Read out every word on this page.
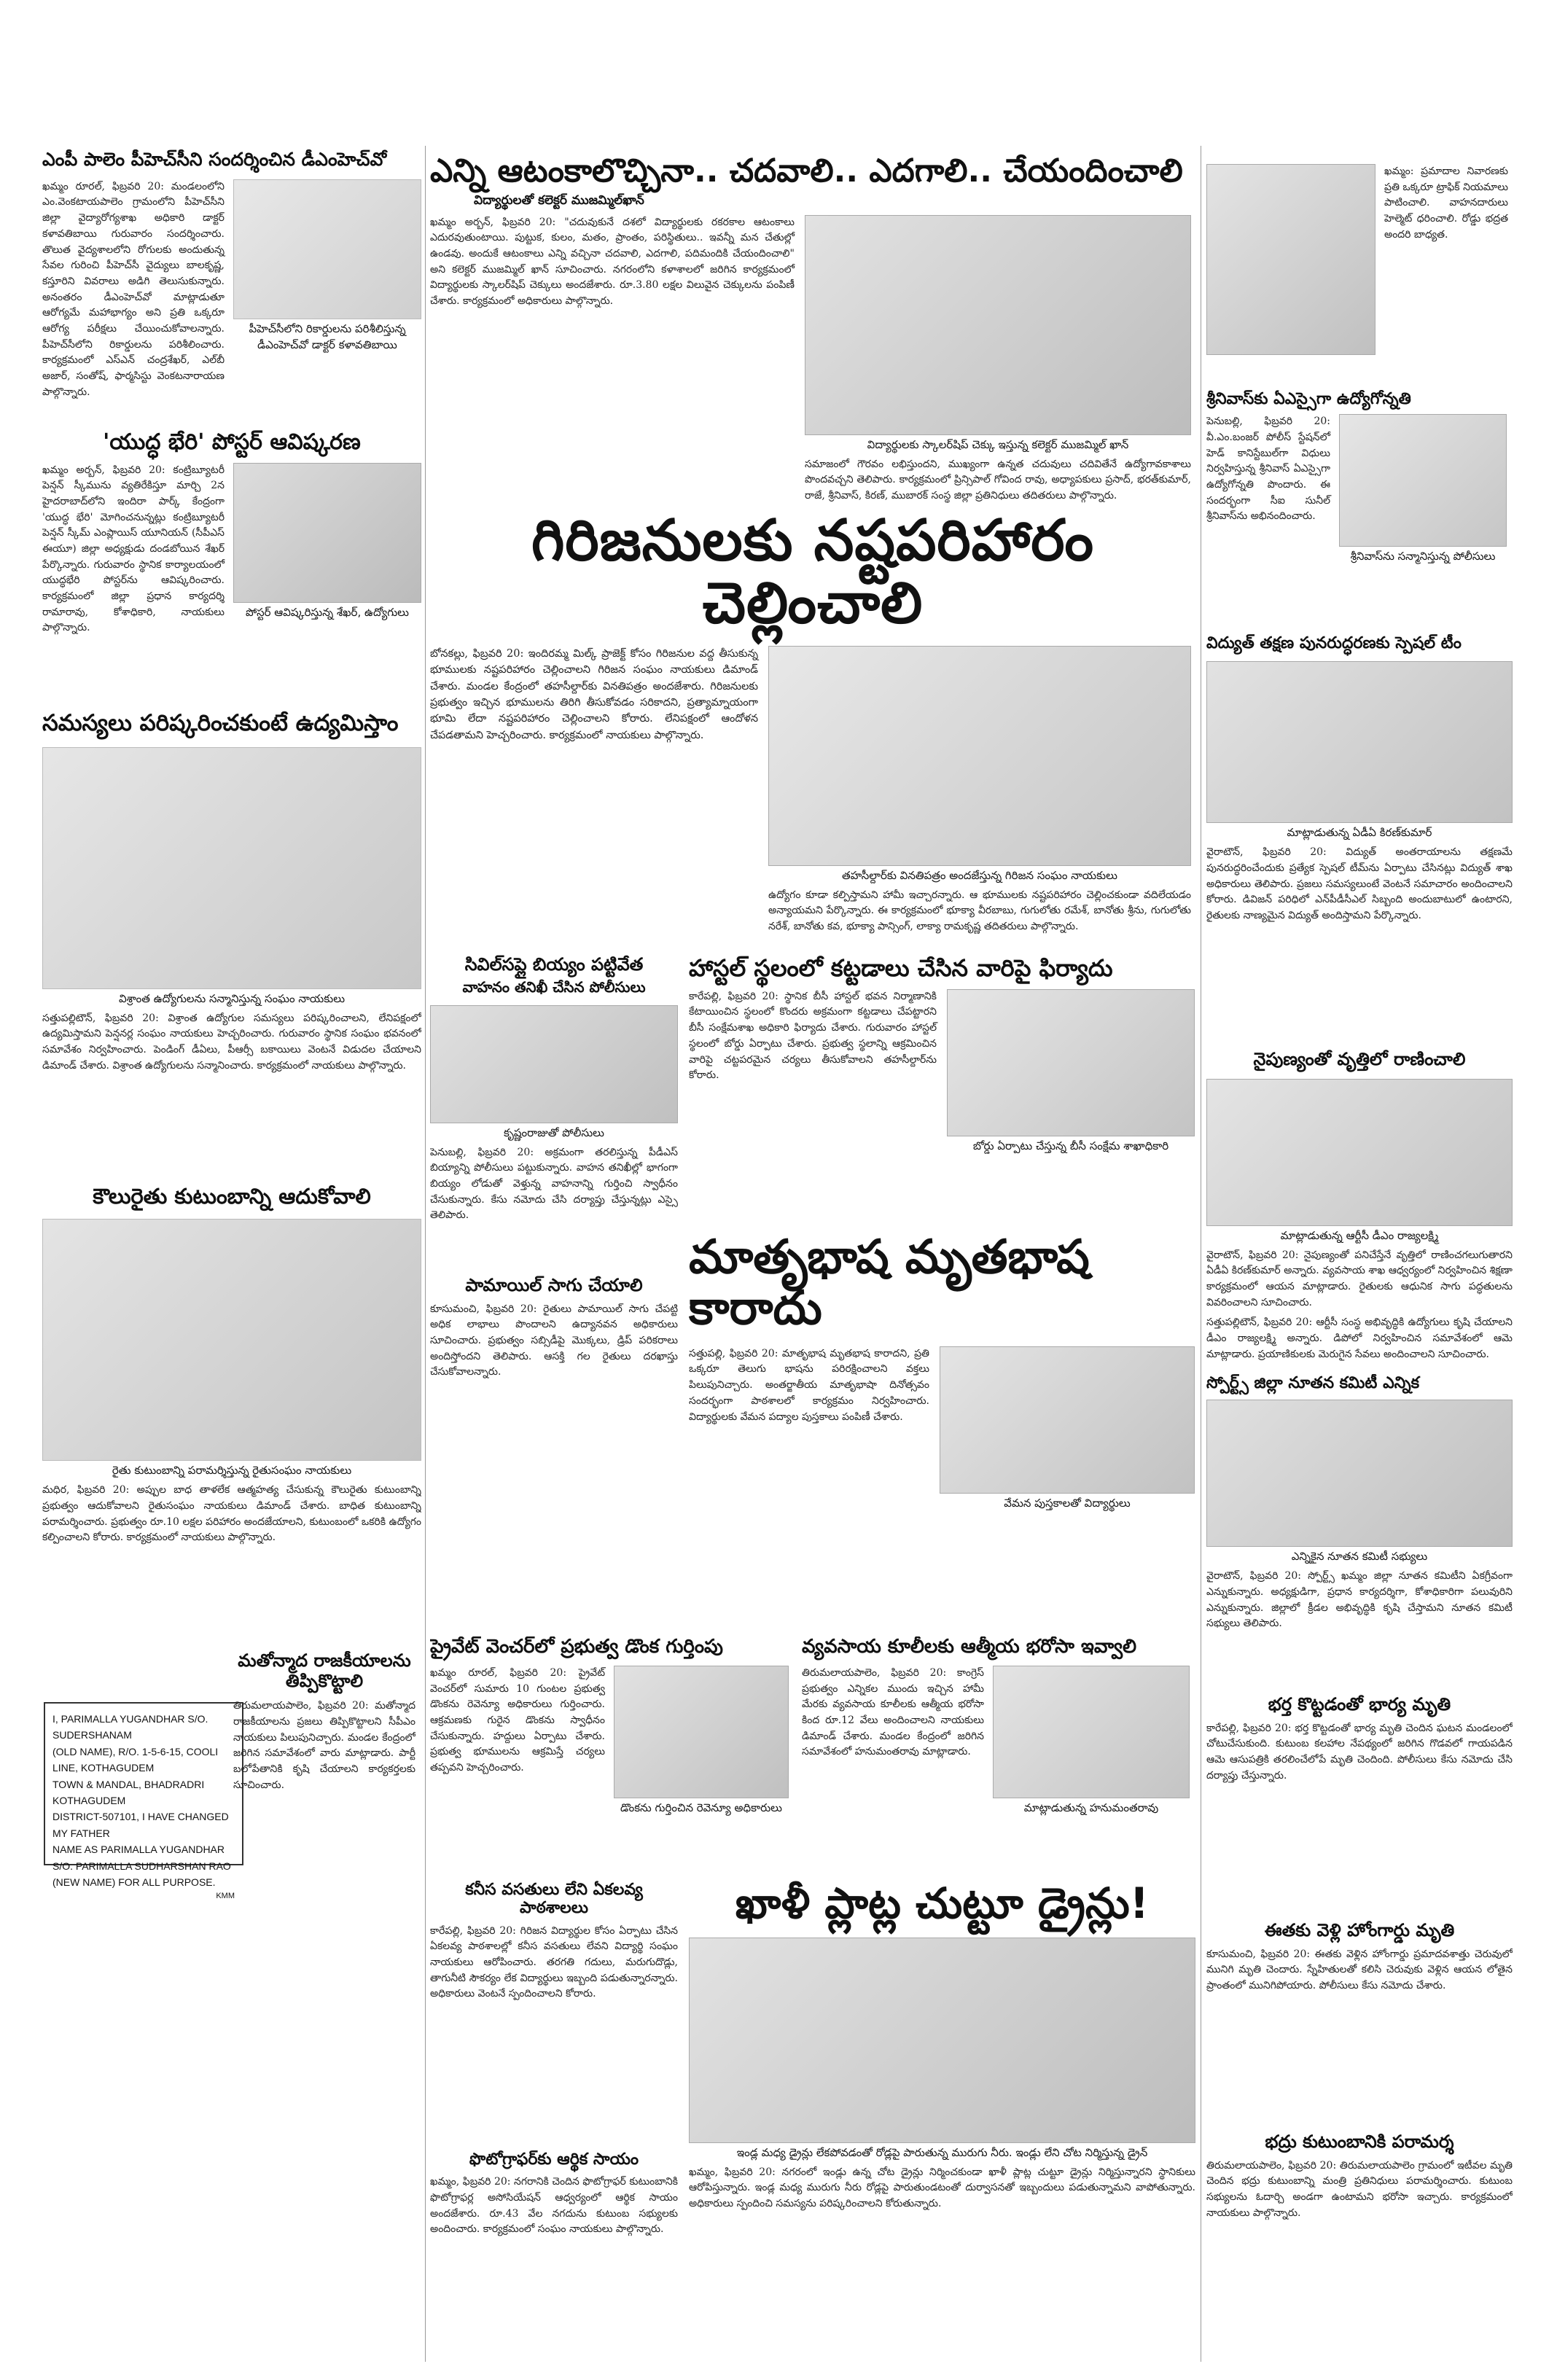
ఎంపీ పాలెం పీహెచ్‌సీని సందర్శించిన డీఎంహెచ్‌వో

ఖమ్మం రూరల్, ఫిబ్రవరి 20: మండలంలోని ఎం.వెంకటాయపాలెం గ్రామంలోని పీహెచ్‌సీని జిల్లా వైద్యారోగ్యశాఖ అధికారి డాక్టర్ కళావతిబాయి గురువారం సందర్శించారు. తొలుత వైద్యశాలలోని రోగులకు అందుతున్న సేవల గురించి పీహెచ్‌సీ వైద్యులు బాలకృష్ణ, కస్తూరిని వివరాలు అడిగి తెలుసుకున్నారు. అనంతరం డీఎంహెచ్‌వో మాట్లాడుతూ ఆరోగ్యమే మహాభాగ్యం అని ప్రతి ఒక్కరూ ఆరోగ్య పరీక్షలు చేయించుకోవాలన్నారు. పీహెచ్‌సీలోని రికార్డులను పరిశీలించారు. కార్యక్రమంలో ఎస్‌ఎన్ చంద్రశేఖర్, ఎల్‌బీ అజార్, సంతోష్, ఫార్మసిస్టు వెంకటనారాయణ పాల్గొన్నారు.

పీహెచ్‌సీలోని రికార్డులను పరిశీలిస్తున్న డీఎంహెచ్‌వో డాక్టర్ కళావతిబాయి

'యుద్ధ భేరి' పోస్టర్ ఆవిష్కరణ

ఖమ్మం అర్బన్, ఫిబ్రవరి 20: కంట్రిబ్యూటరీ పెన్షన్ స్కీమును వ్యతిరేకిస్తూ మార్చి 2న హైదరాబాద్‌లోని ఇందిరా పార్క్ కేంద్రంగా 'యుద్ధ భేరి' మోగించనున్నట్లు కంట్రిబ్యూటరీ పెన్షన్ స్కీమ్ ఎంప్లాయిస్ యూనియన్ (సీపీఎస్ ఈయూ) జిల్లా అధ్యక్షుడు దండబోయిన శేఖర్ పేర్కొన్నారు. గురువారం స్థానిక కార్యాలయంలో యుద్ధభేరి పోస్టర్‌ను ఆవిష్కరించారు. కార్యక్రమంలో జిల్లా ప్రధాన కార్యదర్శి రామారావు, కోశాధికారి, నాయకులు పాల్గొన్నారు.

పోస్టర్ ఆవిష్కరిస్తున్న శేఖర్, ఉద్యోగులు

సమస్యలు పరిష్కరించకుంటే ఉద్యమిస్తాం

విశ్రాంత ఉద్యోగులను సన్మానిస్తున్న సంఘం నాయకులు

సత్తుపల్లిటౌన్, ఫిబ్రవరి 20: విశ్రాంత ఉద్యోగుల సమస్యలు పరిష్కరించాలని, లేనిపక్షంలో ఉద్యమిస్తామని పెన్షనర్ల సంఘం నాయకులు హెచ్చరించారు. గురువారం స్థానిక సంఘం భవనంలో సమావేశం నిర్వహించారు. పెండింగ్ డీఏలు, పీఆర్సీ బకాయిలు వెంటనే విడుదల చేయాలని డిమాండ్ చేశారు. విశ్రాంత ఉద్యోగులను సన్మానించారు. కార్యక్రమంలో నాయకులు పాల్గొన్నారు.

కౌలురైతు కుటుంబాన్ని ఆదుకోవాలి

రైతు కుటుంబాన్ని పరామర్శిస్తున్న రైతుసంఘం నాయకులు

మధిర, ఫిబ్రవరి 20: అప్పుల బాధ తాళలేక ఆత్మహత్య చేసుకున్న కౌలురైతు కుటుంబాన్ని ప్రభుత్వం ఆదుకోవాలని రైతుసంఘం నాయకులు డిమాండ్ చేశారు. బాధిత కుటుంబాన్ని పరామర్శించారు. ప్రభుత్వం రూ.10 లక్షల పరిహారం అందజేయాలని, కుటుంబంలో ఒకరికి ఉద్యోగం కల్పించాలని కోరారు. కార్యక్రమంలో నాయకులు పాల్గొన్నారు.

I, PARIMALLA YUGANDHAR S/O. SUDERSHANAM

(OLD NAME), R/O. 1-5-6-15, COOLI LINE, KOTHAGUDEM

TOWN & MANDAL, BHADRADRI KOTHAGUDEM

DISTRICT-507101, I HAVE CHANGED MY FATHER

NAME AS PARIMALLA YUGANDHAR

S/O. PARIMALLA SUDHARSHAN RAO

(NEW NAME) FOR ALL PURPOSE.

KMM

మతోన్మాద రాజకీయాలను తిప్పికొట్టాలి

తిరుమలాయపాలెం, ఫిబ్రవరి 20: మతోన్మాద రాజకీయాలను ప్రజలు తిప్పికొట్టాలని సీపీఎం నాయకులు పిలుపునిచ్చారు. మండల కేంద్రంలో జరిగిన సమావేశంలో వారు మాట్లాడారు. పార్టీ బలోపేతానికి కృషి చేయాలని కార్యకర్తలకు సూచించారు.

ఎన్ని ఆటంకాలొచ్చినా.. చదవాలి.. ఎదగాలి.. చేయందించాలి

విద్యార్థులతో కలెక్టర్ ముజమ్మిల్‌ఖాన్

ఖమ్మం అర్బన్, ఫిబ్రవరి 20: "చదువుకునే దశలో విద్యార్థులకు రకరకాల ఆటంకాలు ఎదురవుతుంటాయి. పుట్టుక, కులం, మతం, ప్రాంతం, పరిస్థితులు.. ఇవన్నీ మన చేతుల్లో ఉండవు. అందుకే ఆటంకాలు ఎన్ని వచ్చినా చదవాలి, ఎదగాలి, పదిమందికి చేయందించాలి" అని కలెక్టర్ ముజమ్మిల్ ఖాన్ సూచించారు. నగరంలోని కళాశాలలో జరిగిన కార్యక్రమంలో విద్యార్థులకు స్కాలర్‌షిప్ చెక్కులు అందజేశారు. రూ.3.80 లక్షల విలువైన చెక్కులను పంపిణీ చేశారు. కార్యక్రమంలో అధికారులు పాల్గొన్నారు.

విద్యార్థులకు స్కాలర్‌షిప్ చెక్కు ఇస్తున్న కలెక్టర్ ముజమ్మిల్ ఖాన్

సమాజంలో గౌరవం లభిస్తుందని, ముఖ్యంగా ఉన్నత చదువులు చదివితేనే ఉద్యోగావకాశాలు పొందవచ్చని తెలిపారు. కార్యక్రమంలో ప్రిన్సిపాల్ గోవింద రావు, అధ్యాపకులు ప్రసాద్, భరత్‌కుమార్, రాజే, శ్రీనివాస్, కిరణ్, ముబారక్ సంస్థ జిల్లా ప్రతినిధులు తదితరులు పాల్గొన్నారు.

గిరిజనులకు నష్టపరిహారం చెల్లించాలి

బోనకల్లు, ఫిబ్రవరి 20: ఇందిరమ్మ మిల్క్ ప్రాజెక్ట్ కోసం గిరిజనుల వద్ద తీసుకున్న భూములకు నష్టపరిహారం చెల్లించాలని గిరిజన సంఘం నాయకులు డిమాండ్ చేశారు. మండల కేంద్రంలో తహసీల్దార్‌కు వినతిపత్రం అందజేశారు. గిరిజనులకు ప్రభుత్వం ఇచ్చిన భూములను తిరిగి తీసుకోవడం సరికాదని, ప్రత్యామ్నాయంగా భూమి లేదా నష్టపరిహారం చెల్లించాలని కోరారు. లేనిపక్షంలో ఆందోళన చేపడతామని హెచ్చరించారు. కార్యక్రమంలో నాయకులు పాల్గొన్నారు.

తహసీల్దార్‌కు వినతిపత్రం అందజేస్తున్న గిరిజన సంఘం నాయకులు

ఉద్యోగం కూడా కల్పిస్తామని హామీ ఇచ్చారన్నారు. ఆ భూములకు నష్టపరిహారం చెల్లించకుండా వదిలేయడం అన్యాయమని పేర్కొన్నారు. ఈ కార్యక్రమంలో భూక్యా వీరబాబు, గుగులోతు రమేశ్, బానోతు శ్రీను, గుగులోతు నరేశ్, బానోతు కవ, భూక్యా పాన్సింగ్, లాక్యా రామకృష్ణ తదితరులు పాల్గొన్నారు.

సివిల్‌సప్లై బియ్యం పట్టివేత
వాహనం తనిఖీ చేసిన పోలీసులు

కృష్ణంరాజుతో పోలీసులు

పెనుబల్లి, ఫిబ్రవరి 20: అక్రమంగా తరలిస్తున్న పీడీఎస్ బియ్యాన్ని పోలీసులు పట్టుకున్నారు. వాహన తనిఖీల్లో భాగంగా బియ్యం లోడుతో వెళ్తున్న వాహనాన్ని గుర్తించి స్వాధీనం చేసుకున్నారు. కేసు నమోదు చేసి దర్యాప్తు చేస్తున్నట్లు ఎస్సై తెలిపారు.

హాస్టల్ స్థలంలో కట్టడాలు చేసిన వారిపై ఫిర్యాదు

కారేపల్లి, ఫిబ్రవరి 20: స్థానిక బీసీ హాస్టల్ భవన నిర్మాణానికి కేటాయించిన స్థలంలో కొందరు అక్రమంగా కట్టడాలు చేపట్టారని బీసీ సంక్షేమశాఖ అధికారి ఫిర్యాదు చేశారు. గురువారం హాస్టల్ స్థలంలో బోర్డు ఏర్పాటు చేశారు. ప్రభుత్వ స్థలాన్ని ఆక్రమించిన వారిపై చట్టపరమైన చర్యలు తీసుకోవాలని తహసీల్దార్‌ను కోరారు.

బోర్డు ఏర్పాటు చేస్తున్న బీసీ సంక్షేమ శాఖాధికారి

మాతృభాష మృతభాష కారాదు

సత్తుపల్లి, ఫిబ్రవరి 20: మాతృభాష మృతభాష కారాదని, ప్రతి ఒక్కరూ తెలుగు భాషను పరిరక్షించాలని వక్తలు పిలుపునిచ్చారు. అంతర్జాతీయ మాతృభాషా దినోత్సవం సందర్భంగా పాఠశాలలో కార్యక్రమం నిర్వహించారు. విద్యార్థులకు వేమన పద్యాల పుస్తకాలు పంపిణీ చేశారు.

వేమన పుస్తకాలతో విద్యార్థులు

పామాయిల్ సాగు చేయాలి

కూసుమంచి, ఫిబ్రవరి 20: రైతులు పామాయిల్ సాగు చేపట్టి అధిక లాభాలు పొందాలని ఉద్యానవన అధికారులు సూచించారు. ప్రభుత్వం సబ్సిడీపై మొక్కలు, డ్రిప్ పరికరాలు అందిస్తోందని తెలిపారు. ఆసక్తి గల రైతులు దరఖాస్తు చేసుకోవాలన్నారు.

ప్రైవేట్ వెంచర్‌లో ప్రభుత్వ డొంక గుర్తింపు

ఖమ్మం రూరల్, ఫిబ్రవరి 20: ప్రైవేట్ వెంచర్‌లో సుమారు 10 గుంటల ప్రభుత్వ డొంకను రెవెన్యూ అధికారులు గుర్తించారు. ఆక్రమణకు గురైన డొంకను స్వాధీనం చేసుకున్నారు. హద్దులు ఏర్పాటు చేశారు. ప్రభుత్వ భూములను ఆక్రమిస్తే చర్యలు తప్పవని హెచ్చరించారు.

డొంకను గుర్తించిన రెవెన్యూ అధికారులు

వ్యవసాయ కూలీలకు ఆత్మీయ భరోసా ఇవ్వాలి

తిరుమలాయపాలెం, ఫిబ్రవరి 20: కాంగ్రెస్ ప్రభుత్వం ఎన్నికల ముందు ఇచ్చిన హామీ మేరకు వ్యవసాయ కూలీలకు ఆత్మీయ భరోసా కింద రూ.12 వేలు అందించాలని నాయకులు డిమాండ్ చేశారు. మండల కేంద్రంలో జరిగిన సమావేశంలో హనుమంతరావు మాట్లాడారు.

మాట్లాడుతున్న హనుమంతరావు

కనీస వసతులు లేని ఏకలవ్య పాఠశాలలు

కారేపల్లి, ఫిబ్రవరి 20: గిరిజన విద్యార్థుల కోసం ఏర్పాటు చేసిన ఏకలవ్య పాఠశాలల్లో కనీస వసతులు లేవని విద్యార్థి సంఘం నాయకులు ఆరోపించారు. తరగతి గదులు, మరుగుదొడ్లు, తాగునీటి సౌకర్యం లేక విద్యార్థులు ఇబ్బంది పడుతున్నారన్నారు. అధికారులు వెంటనే స్పందించాలని కోరారు.

ఫొటోగ్రాఫర్‌కు ఆర్థిక సాయం

ఖమ్మం, ఫిబ్రవరి 20: నగరానికి చెందిన ఫొటోగ్రాఫర్ కుటుంబానికి ఫొటోగ్రాఫర్ల అసోసియేషన్ ఆధ్వర్యంలో ఆర్థిక సాయం అందజేశారు. రూ.43 వేల నగదును కుటుంబ సభ్యులకు అందించారు. కార్యక్రమంలో సంఘం నాయకులు పాల్గొన్నారు.

ఖాళీ ప్లాట్ల చుట్టూ డ్రైన్లు!

ఇండ్ల మధ్య డ్రైన్లు లేకపోవడంతో రోడ్లపై పారుతున్న మురుగు నీరు. ఇండ్లు లేని చోట నిర్మిస్తున్న డ్రైన్

ఖమ్మం, ఫిబ్రవరి 20: నగరంలో ఇండ్లు ఉన్న చోట డ్రైన్లు నిర్మించకుండా ఖాళీ ప్లాట్ల చుట్టూ డ్రైన్లు నిర్మిస్తున్నారని స్థానికులు ఆరోపిస్తున్నారు. ఇండ్ల మధ్య మురుగు నీరు రోడ్లపై పారుతుండటంతో దుర్వాసనతో ఇబ్బందులు పడుతున్నామని వాపోతున్నారు. అధికారులు స్పందించి సమస్యను పరిష్కరించాలని కోరుతున్నారు.

ఖమ్మం: ప్రమాదాల నివారణకు ప్రతి ఒక్కరూ ట్రాఫిక్ నియమాలు పాటించాలి. వాహనదారులు హెల్మెట్ ధరించాలి. రోడ్డు భద్రత అందరి బాధ్యత.

శ్రీనివాస్‌కు ఏఎస్సైగా ఉద్యోగోన్నతి

పెనుబల్లి, ఫిబ్రవరి 20: వీ.ఎం.బంజర్ పోలీస్ స్టేషన్‌లో హెడ్ కానిస్టేబుల్‌గా విధులు నిర్వహిస్తున్న శ్రీనివాస్ ఏఎస్సైగా ఉద్యోగోన్నతి పొందారు. ఈ సందర్భంగా సీఐ సునీల్ శ్రీనివాస్‌ను అభినందించారు.

శ్రీనివాస్‌ను సన్మానిస్తున్న పోలీసులు

విద్యుత్ తక్షణ పునరుద్ధరణకు స్పెషల్ టీం

మాట్లాడుతున్న ఏడీఏ కిరణ్‌కుమార్

వైరాటౌన్, ఫిబ్రవరి 20: విద్యుత్ అంతరాయాలను తక్షణమే పునరుద్ధరించేందుకు ప్రత్యేక స్పెషల్ టీమ్‌ను ఏర్పాటు చేసినట్లు విద్యుత్ శాఖ అధికారులు తెలిపారు. ప్రజలు సమస్యలుంటే వెంటనే సమాచారం అందించాలని కోరారు. డివిజన్ పరిధిలో ఎన్‌పీడీసీఎల్ సిబ్బంది అందుబాటులో ఉంటారని, రైతులకు నాణ్యమైన విద్యుత్ అందిస్తామని పేర్కొన్నారు.

నైపుణ్యంతో వృత్తిలో రాణించాలి

మాట్లాడుతున్న ఆర్టీసీ డీఎం రాజ్యలక్ష్మి

వైరాటౌన్, ఫిబ్రవరి 20: నైపుణ్యంతో పనిచేస్తేనే వృత్తిలో రాణించగలుగుతారని ఏడీఏ కిరణ్‌కుమార్ అన్నారు. వ్యవసాయ శాఖ ఆధ్వర్యంలో నిర్వహించిన శిక్షణా కార్యక్రమంలో ఆయన మాట్లాడారు. రైతులకు ఆధునిక సాగు పద్ధతులను వివరించాలని సూచించారు.

సత్తుపల్లిటౌన్, ఫిబ్రవరి 20: ఆర్టీసీ సంస్థ అభివృద్ధికి ఉద్యోగులు కృషి చేయాలని డీఎం రాజ్యలక్ష్మి అన్నారు. డిపోలో నిర్వహించిన సమావేశంలో ఆమె మాట్లాడారు. ప్రయాణికులకు మెరుగైన సేవలు అందించాలని సూచించారు.

స్పోర్ట్స్ జిల్లా నూతన కమిటీ ఎన్నిక

ఎన్నికైన నూతన కమిటీ సభ్యులు

వైరాటౌన్, ఫిబ్రవరి 20: స్పోర్ట్స్ ఖమ్మం జిల్లా నూతన కమిటీని ఏకగ్రీవంగా ఎన్నుకున్నారు. అధ్యక్షుడిగా, ప్రధాన కార్యదర్శిగా, కోశాధికారిగా పలువురిని ఎన్నుకున్నారు. జిల్లాలో క్రీడల అభివృద్ధికి కృషి చేస్తామని నూతన కమిటీ సభ్యులు తెలిపారు.

భర్త కొట్టడంతో భార్య మృతి

కారేపల్లి, ఫిబ్రవరి 20: భర్త కొట్టడంతో భార్య మృతి చెందిన ఘటన మండలంలో చోటుచేసుకుంది. కుటుంబ కలహాల నేపథ్యంలో జరిగిన గొడవలో గాయపడిన ఆమె ఆసుపత్రికి తరలించేలోపే మృతి చెందింది. పోలీసులు కేసు నమోదు చేసి దర్యాప్తు చేస్తున్నారు.

ఈతకు వెళ్లి హోంగార్డు మృతి

కూసుమంచి, ఫిబ్రవరి 20: ఈతకు వెళ్లిన హోంగార్డు ప్రమాదవశాత్తు చెరువులో మునిగి మృతి చెందారు. స్నేహితులతో కలిసి చెరువుకు వెళ్లిన ఆయన లోతైన ప్రాంతంలో మునిగిపోయారు. పోలీసులు కేసు నమోదు చేశారు.

భద్రు కుటుంబానికి పరామర్శ

తిరుమలాయపాలెం, ఫిబ్రవరి 20: తిరుమలాయపాలెం గ్రామంలో ఇటీవల మృతి చెందిన భద్రు కుటుంబాన్ని మంత్రి ప్రతినిధులు పరామర్శించారు. కుటుంబ సభ్యులను ఓదార్చి అండగా ఉంటామని భరోసా ఇచ్చారు. కార్యక్రమంలో నాయకులు పాల్గొన్నారు.
